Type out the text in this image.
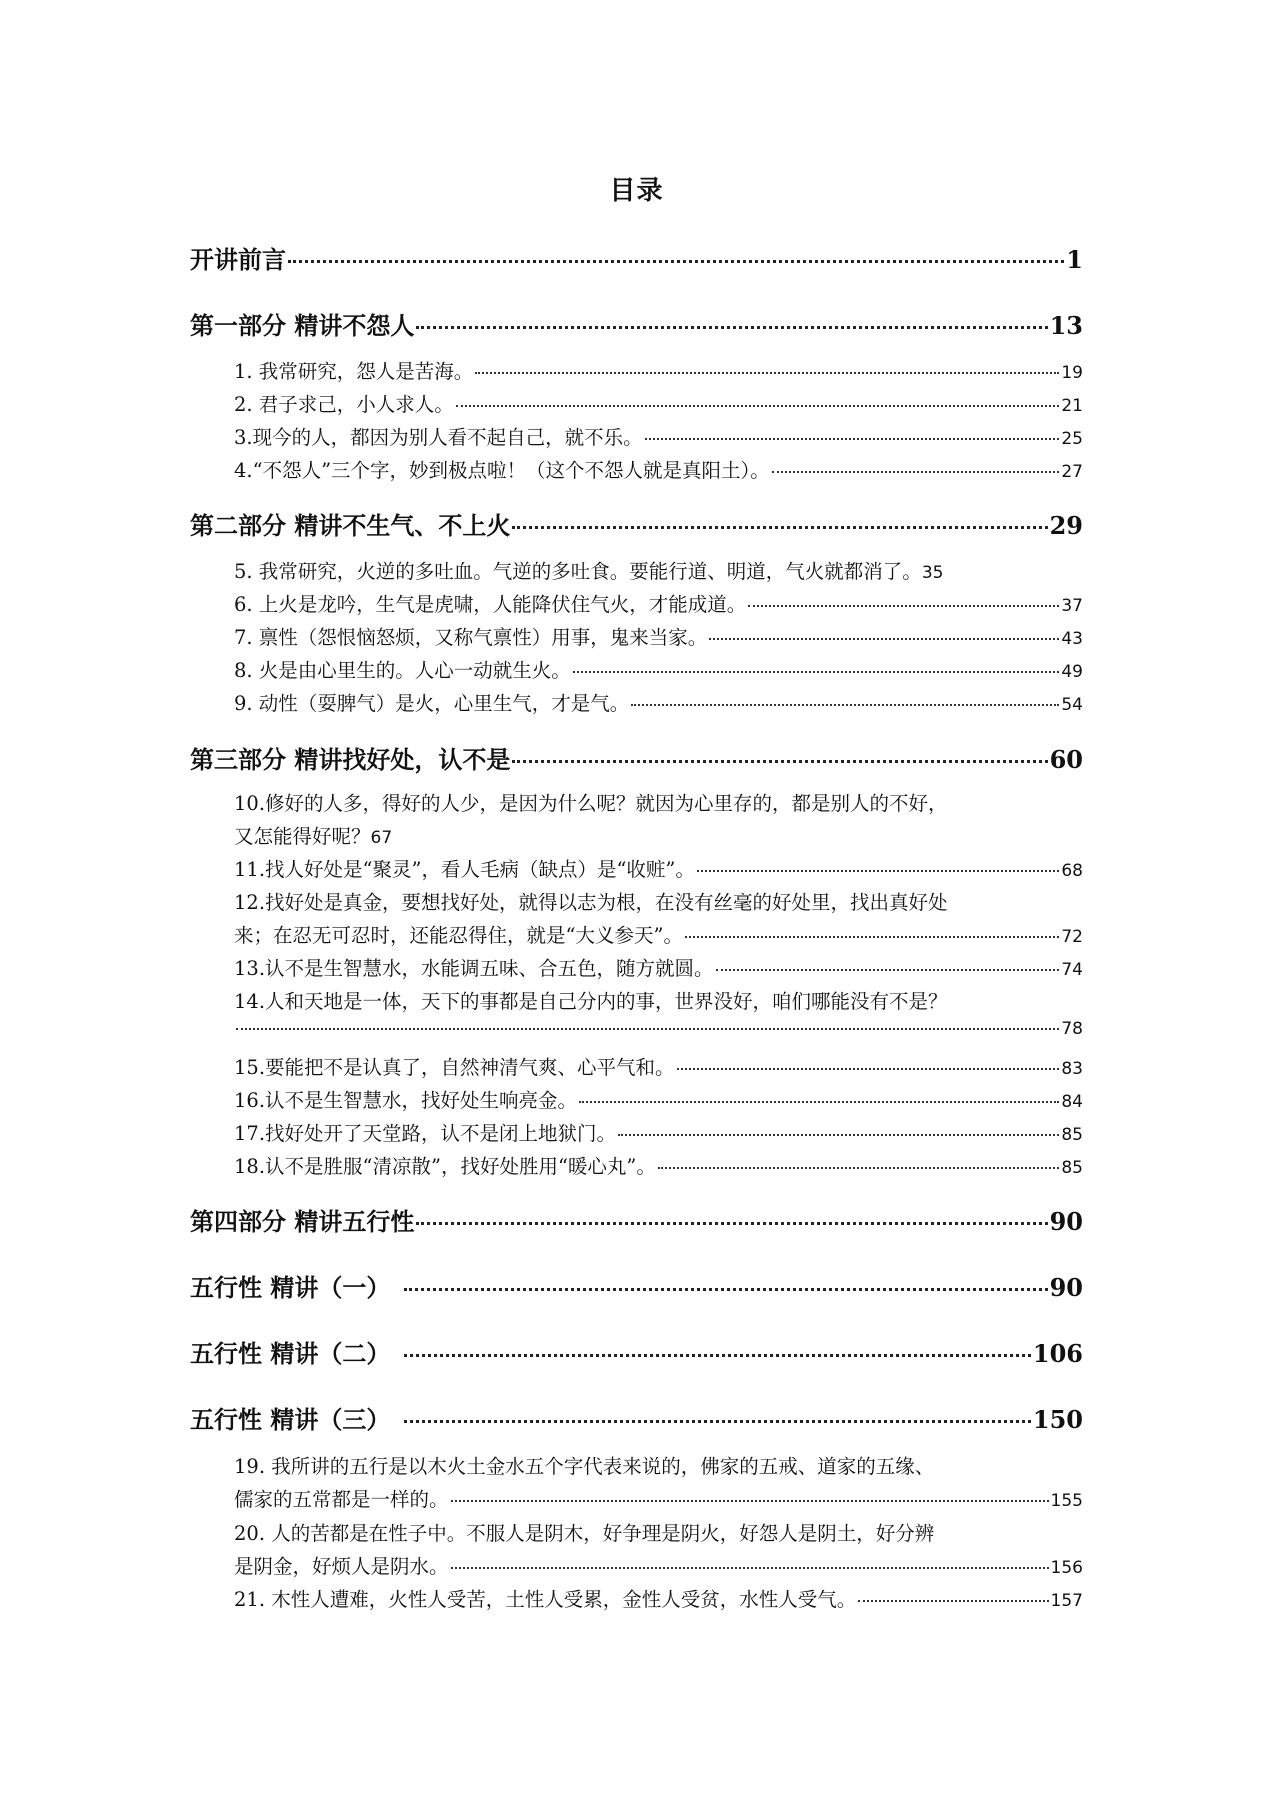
目录
开讲前言	1
第一部分 精讲不怨人	13
1. 我常研究，怨人是苦海。	19
2. 君子求己，小人求人。	21
3.现今的人，都因为别人看不起自己，就不乐。	25
4.“不怨人”三个字，妙到极点啦！（这个不怨人就是真阳土）。	27
第二部分 精讲不生气、不上火	29
5. 我常研究，火逆的多吐血。气逆的多吐食。要能行道、明道，气火就都消了。 35
6. 上火是龙吟，生气是虎啸，人能降伏住气火，才能成道。	37
7. 禀性（怨恨恼怒烦，又称气禀性）用事，鬼来当家。	43
8. 火是由心里生的。人心一动就生火。	49
9. 动性（耍脾气）是火，心里生气，才是气。	54
第三部分 精讲找好处，认不是	60
10.修好的人多，得好的人少，是因为什么呢？就因为心里存的，都是别人的不好，
又怎能得好呢？ 67
11.找人好处是“聚灵”，看人毛病（缺点）是“收赃”。	68
12.找好处是真金，要想找好处，就得以志为根，在没有丝毫的好处里，找出真好处
来；在忍无可忍时，还能忍得住，就是“大义参天”。	72
13.认不是生智慧水，水能调五味、合五色，随方就圆。	74
14.人和天地是一体，天下的事都是自己分内的事，世界没好，咱们哪能没有不是？
78
15.要能把不是认真了，自然神清气爽、心平气和。	83
16.认不是生智慧水，找好处生响亮金。	84
17.找好处开了天堂路，认不是闭上地狱门。	85
18.认不是胜服“清凉散”，找好处胜用“暖心丸”。	85
第四部分 精讲五行性	90
五行性 精讲（一）	90
五行性 精讲（二）	106
五行性 精讲（三）	150
19. 我所讲的五行是以木火土金水五个字代表来说的，佛家的五戒、道家的五缘、
儒家的五常都是一样的。	155
20. 人的苦都是在性子中。不服人是阴木，好争理是阴火，好怨人是阴土，好分辨
是阴金，好烦人是阴水。	156
21. 木性人遭难，火性人受苦，土性人受累，金性人受贫，水性人受气。	157
